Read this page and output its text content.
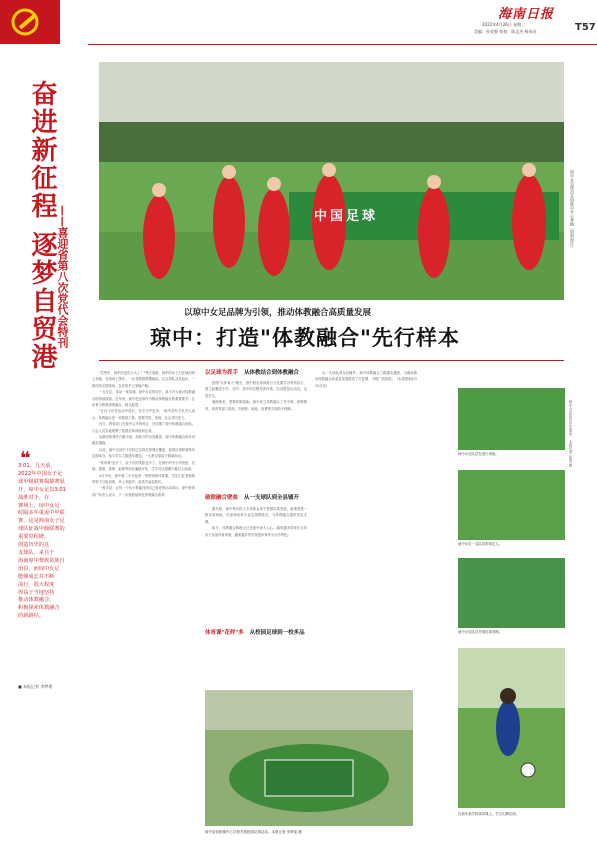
海南日报
2022年4月26日 星期二
美编：孙英强 检校：陈志杰 杨承亮	T57
奋进新征程 逐梦自贸港 ——喜迎省第八次党代会特刊
❝
3:01，几天前，
2022年中国女子足
球甲级联赛揭幕赛展
开，琼中女足以3:01
战胜对手。在
赛场上，琼中女足
时隔多年重返中甲联
赛，这是海南女子足
球队征战甲级联赛的
重要里程碑。
创造历史的这
支球队，来自于
海南琼中黎族苗族自
治县，而琼中女足
能够成长并不断
前行，很大程度
得益于当地坚持
推动体教融合，
积极探索体教融合
的新路径。
■ 本报记者 李梦瑶
中国足球	琼中女足球员在训练中开心奔跑（资料图片）
以琼中女足品牌为引领，推动体教融合高质量发展
琼中：打造"体教融合"先行样本

"这些年，琼中的变化太大了！"每天清晨，琼中的孩子们在绿茵场上奔跑，在球场上挥汗。一位老教练感慨地说。这支球队从零起步，一路闯到全国赛场，在县里早已家喻户晓。

一支女足，带动一座县城。琼中女足的成长，离不开当地对体教融合的持续探索。近年来，琼中把足球作为推动体教融合的重要抓手，让体育与教育深度融合、相互促进。

"让孩子们在运动中成长，在学习中进步。"琼中县有关负责人表示，体教融合是一项系统工程，需要学校、家庭、社会共同发力。

近日，教育部门在琼中召开现场会，总结推广琼中体教融合经验。与会人员实地观摩了校园足球训练和比赛。

从最初的课外兴趣小组，到如今的全县覆盖，琼中体教融合的步伐越走越稳。

目前，琼中全县中小学校已实现足球课全覆盖，校园足球联赛每年定期举办，参与学生人数逐年增加，一大批足球苗子脱颖而出。

"体育课"变多了，孩子们的笑脸也多了。在琼中的中小学校里，足球、篮球、排球、射箭等项目遍地开花，学生可以根据兴趣自主选择。

4月中旬，琼中第二小学迎来一堂特别的体育课。学生们在老师的带领下分组训练，场上奔跑声、欢笑声此起彼伏。

一校多品，让每一个孩子都能找到自己喜爱的运动项目。琼中教育部门负责人表示，下一步将继续深化体教融合改革。

以足球为抓手 从体教结合到体教融合

按照"以体育人"理念，琼中将足球训练与文化课学习有机结合，建立起覆盖小学、初中、高中的完整培养体系，队员既是运动员，也是学生。

破除壁垒，需要机制创新。琼中成立体教融合工作专班，统筹教育、体育等部门资源，在师资、场地、经费等方面给予保障。

破除融合壁垒 从一支球队到全县铺开

据介绍，琼中每年投入专项资金用于校园足球发展，新建改建一批足球场地，引进和培养专业足球教练员，为体教融合提供坚实支撑。

如今，体教融合的理念已在琼中深入人心。越来越多的家长支持孩子参加体育训练，越来越多的学校把体育作为办学特色。

体育课"花样"多 从校园足球到一校多品

从一支球队到全县铺开，琼中体教融合之路越走越宽，为海南推动体教融合高质量发展提供了可复制、可推广的经验。（本报营根4月25日电）

琼中县营根镇中心学校开展校园足球活动。本报记者 李梦瑶 摄
琼中女足队员在进行训练。
琼中女足一名队员带球过人。
琼中女足队员开展足球训练。
在琼中某学校体育课上，学生们踢足球。
琼中女足队员在比赛中，本报记者 张茂 摄
